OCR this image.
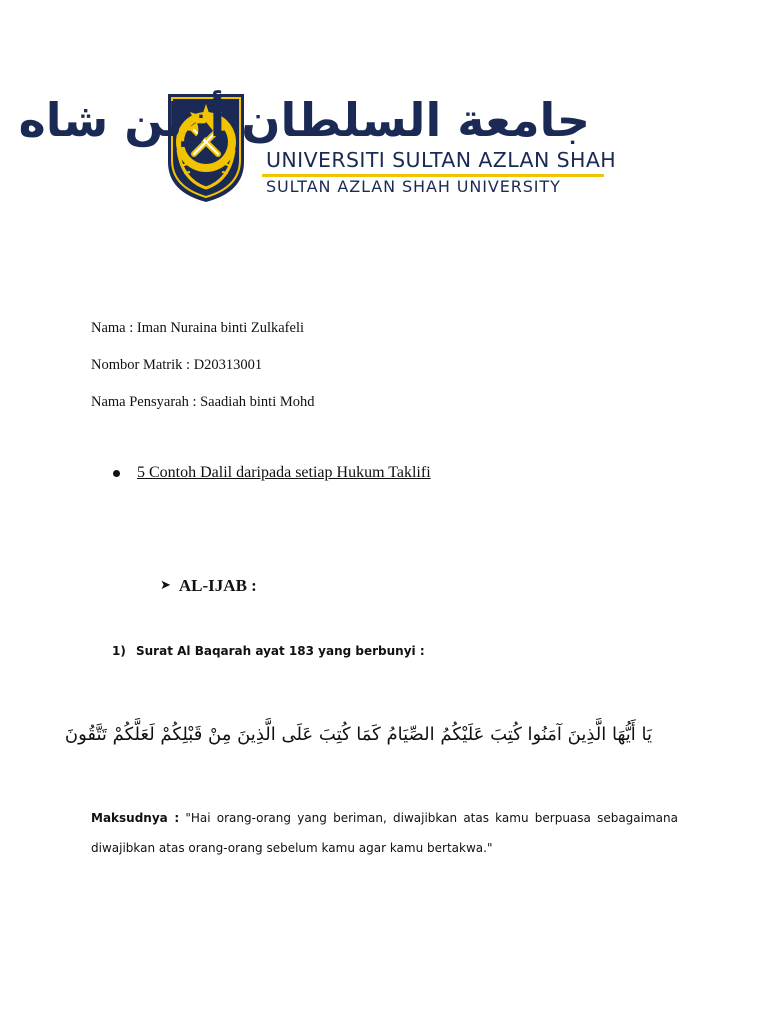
جامعة السلطان أزلن شاه
UNIVERSITI SULTAN AZLAN SHAH
SULTAN AZLAN SHAH UNIVERSITY
Nama : Iman Nuraina binti Zulkafeli
Nombor Matrik : D20313001
Nama Pensyarah : Saadiah binti Mohd
5 Contoh Dalil daripada setiap Hukum Taklifi
➤ AL-IJAB :
1) Surat Al Baqarah ayat 183 yang berbunyi :
يَا أَيُّهَا الَّذِينَ آمَنُوا كُتِبَ عَلَيْكُمُ الصِّيَامُ كَمَا كُتِبَ عَلَى الَّذِينَ مِنْ قَبْلِكُمْ لَعَلَّكُمْ تَتَّقُونَ
Maksudnya : "Hai orang-orang yang beriman, diwajibkan atas kamu berpuasa sebagaimana diwajibkan atas orang-orang sebelum kamu agar kamu bertakwa."
